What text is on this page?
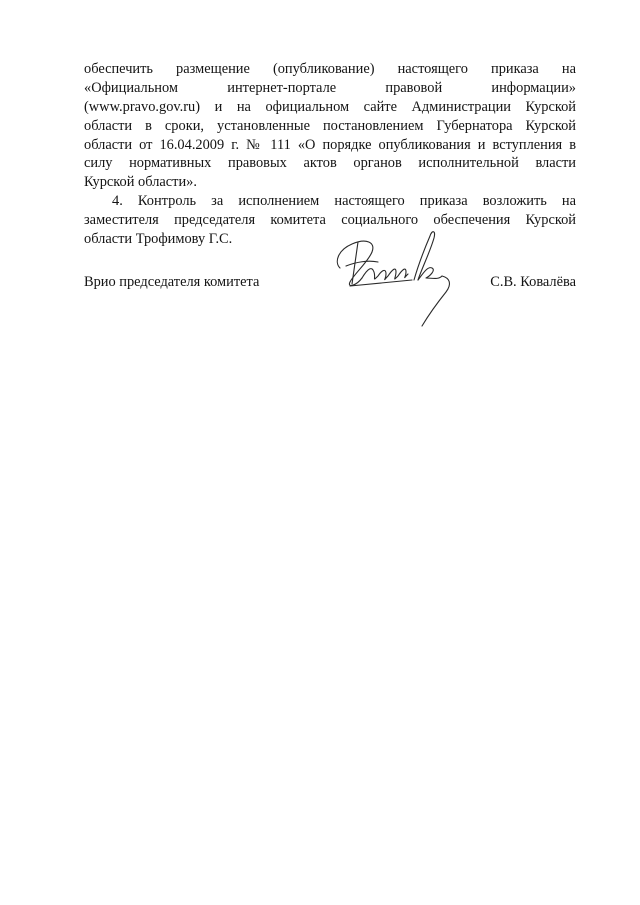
обеспечить размещение (опубликование) настоящего приказа на
«Официальном интернет-портале правовой информации»
(www.pravo.gov.ru) и на официальном сайте Администрации Курской
области в сроки, установленные постановлением Губернатора Курской
области от 16.04.2009 г. № 111 «О порядке опубликования и вступления в
силу нормативных правовых актов органов исполнительной власти
Курской области».
4. Контроль за исполнением настоящего приказа возложить на
заместителя председателя комитета социального обеспечения Курской
области Трофимову Г.С.
Врио председателя комитета	С.В. Ковалёва
